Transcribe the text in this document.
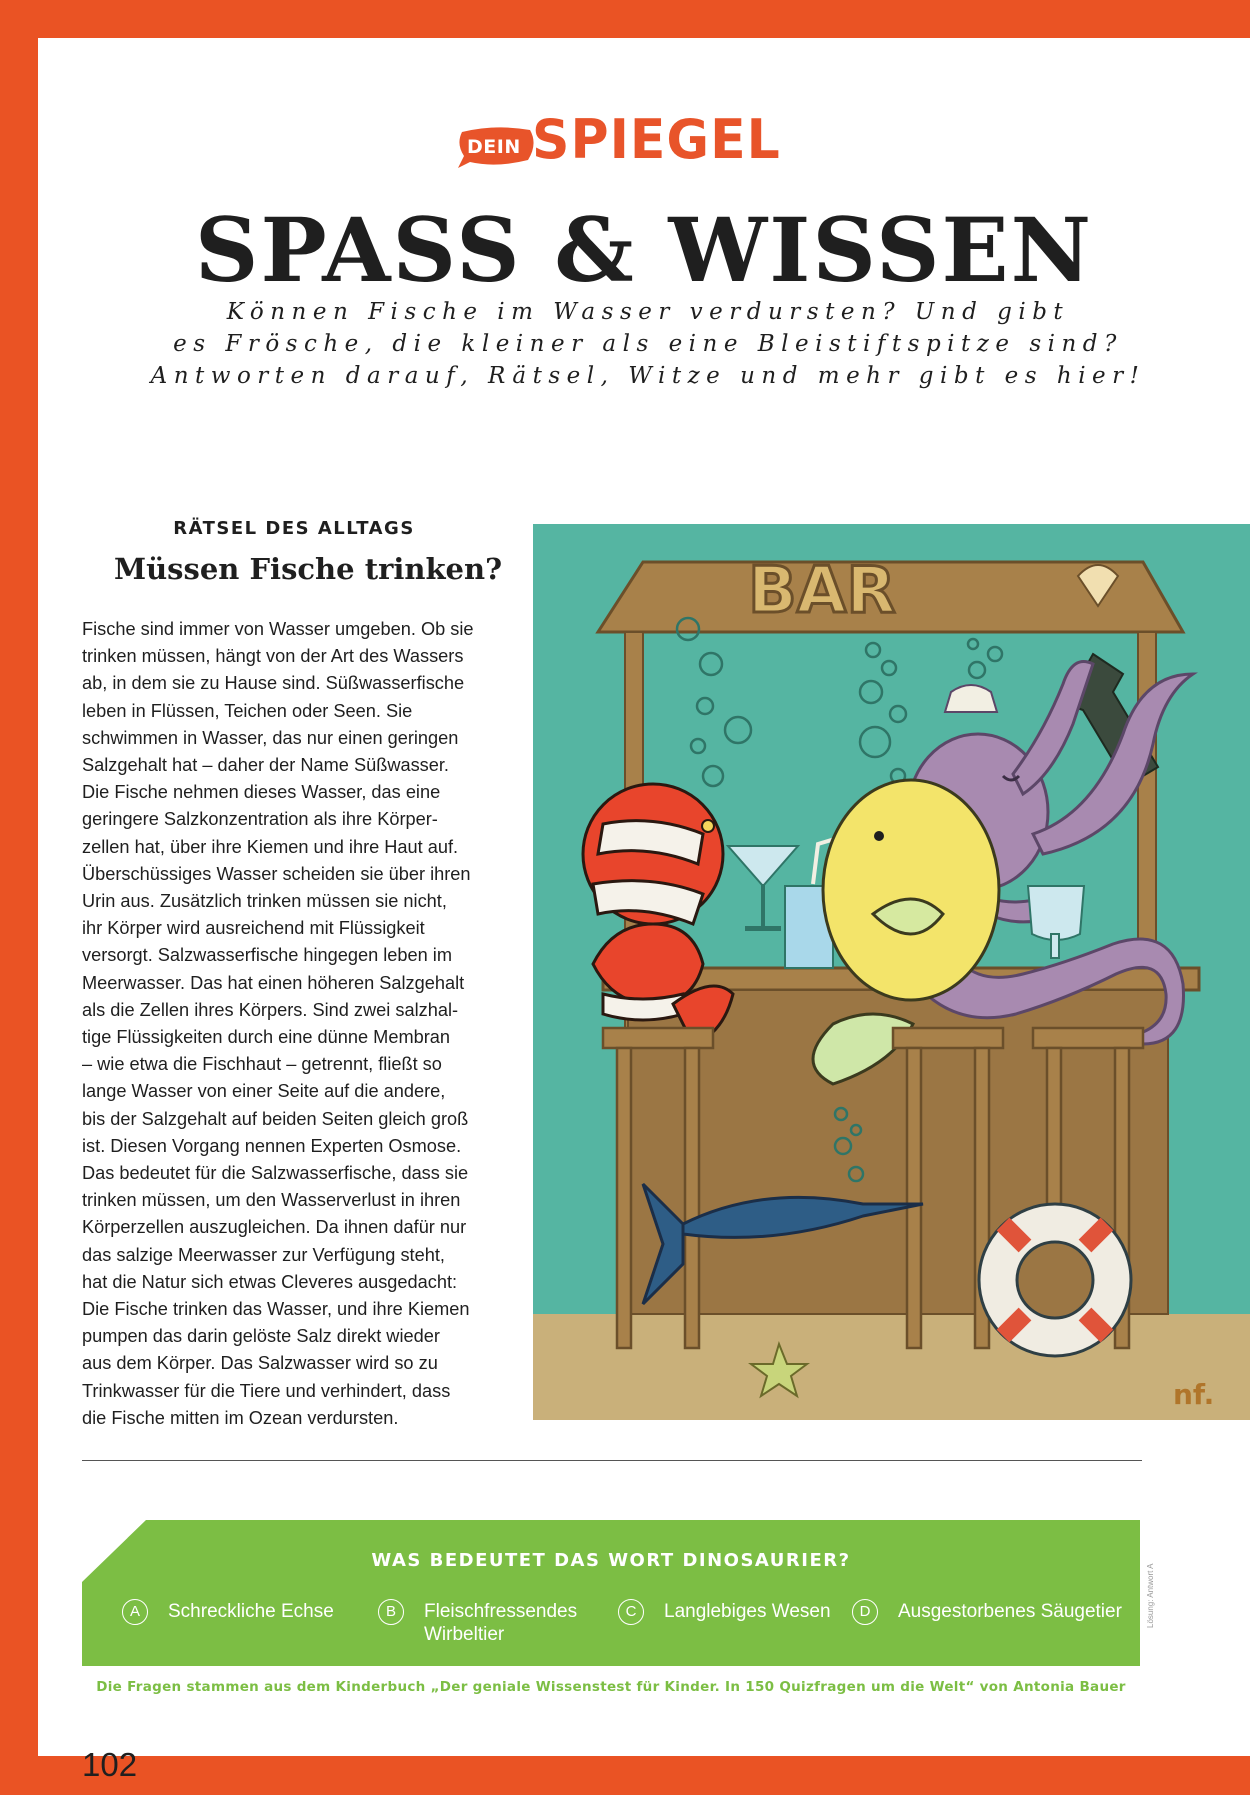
DEIN SPIEGEL
SPASS & WISSEN
Können Fische im Wasser verdursten? Und gibt
es Frösche, die kleiner als eine Bleistiftspitze sind?
Antworten darauf, Rätsel, Witze und mehr gibt es hier!
RÄTSEL DES ALLTAGS
Müssen Fische trinken?
Fische sind immer von Wasser umgeben. Ob sie
trinken müssen, hängt von der Art des Wassers
ab, in dem sie zu Hause sind. Süßwasserfische
leben in Flüssen, Teichen oder Seen. Sie
schwimmen in Wasser, das nur einen geringen
Salzgehalt hat – daher der Name Süßwasser.
Die Fische nehmen dieses Wasser, das eine
geringere Salzkonzentration als ihre Körper-
zellen hat, über ihre Kiemen und ihre Haut auf.
Überschüssiges Wasser scheiden sie über ihren
Urin aus. Zusätzlich trinken müssen sie nicht,
ihr Körper wird ausreichend mit Flüssigkeit
versorgt. Salzwasserfische hingegen leben im
Meerwasser. Das hat einen höheren Salzgehalt
als die Zellen ihres Körpers. Sind zwei salzhal-
tige Flüssigkeiten durch eine dünne Membran
– wie etwa die Fischhaut – getrennt, fließt so
lange Wasser von einer Seite auf die andere,
bis der Salzgehalt auf beiden Seiten gleich groß
ist. Diesen Vorgang nennen Experten Osmose.
Das bedeutet für die Salzwasserfische, dass sie
trinken müssen, um den Wasserverlust in ihren
Körperzellen auszugleichen. Da ihnen dafür nur
das salzige Meerwasser zur Verfügung steht,
hat die Natur sich etwas Cleveres ausgedacht:
Die Fische trinken das Wasser, und ihre Kiemen
pumpen das darin gelöste Salz direkt wieder
aus dem Körper. Das Salzwasser wird so zu
Trinkwasser für die Tiere und verhindert, dass
die Fische mitten im Ozean verdursten.
BAR
nf.
WAS BEDEUTET DAS WORT DINOSAURIER?
A	Schreckliche Echse	B	Fleischfressendes
Wirbeltier
C	Langlebiges Wesen	D	Ausgestorbenes Säugetier	Lösung: Antwort A
Die Fragen stammen aus dem Kinderbuch „Der geniale Wissenstest für Kinder. In 150 Quizfragen um die Welt“ von Antonia Bauer
102
